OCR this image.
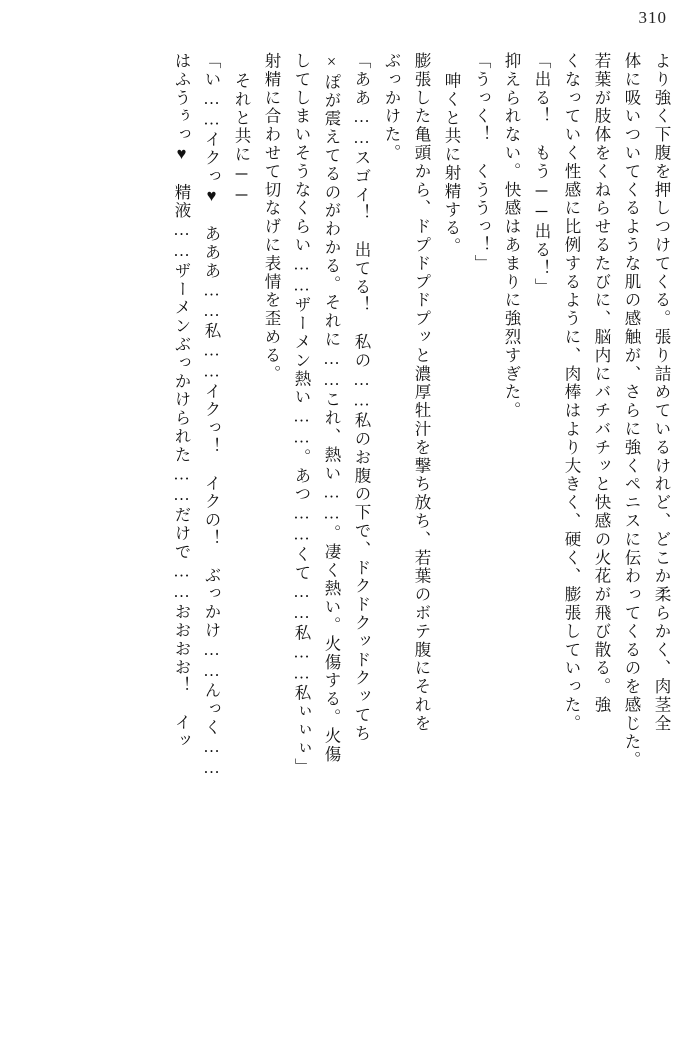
310
より強く下腹を押しつけてくる。張り詰めているけれど、どこか柔らかく、肉茎全
体に吸いついてくるような肌の感触が、さらに強くペニスに伝わってくるのを感じた。
若葉が肢体をくねらせるたびに、脳内にバチバチッと快感の火花が飛び散る。強
くなっていく性感に比例するように、肉棒はより大きく、硬く、膨張していった。
「出る！　もう──出る！」
抑えられない。快感はあまりに強烈すぎた。
「うっく！　くううっ！」
呻くと共に射精する。
膨張した亀頭から、ドプドプドプッと濃厚牡汁を撃ち放ち、若葉のボテ腹にそれを
ぶっかけた。
「ああ……スゴイ！　出てる！　私の……私のお腹の下で、ドクドクッドクッてち
×ぽが震えてるのがわかる。それに……これ、熱い……。凄く熱い。火傷する。火傷
してしまいそうなくらい……ザーメン熱い……。あつ……くて……私……私ぃぃぃ」
射精に合わせて切なげに表情を歪める。
それと共に──
「い……イクっ♥　あああ……私……イクっ！　イクの！　ぶっかけ……んっく……
はふうぅっ♥　精液……ザーメンぶっかけられた……だけで……おおおお！　イッ
